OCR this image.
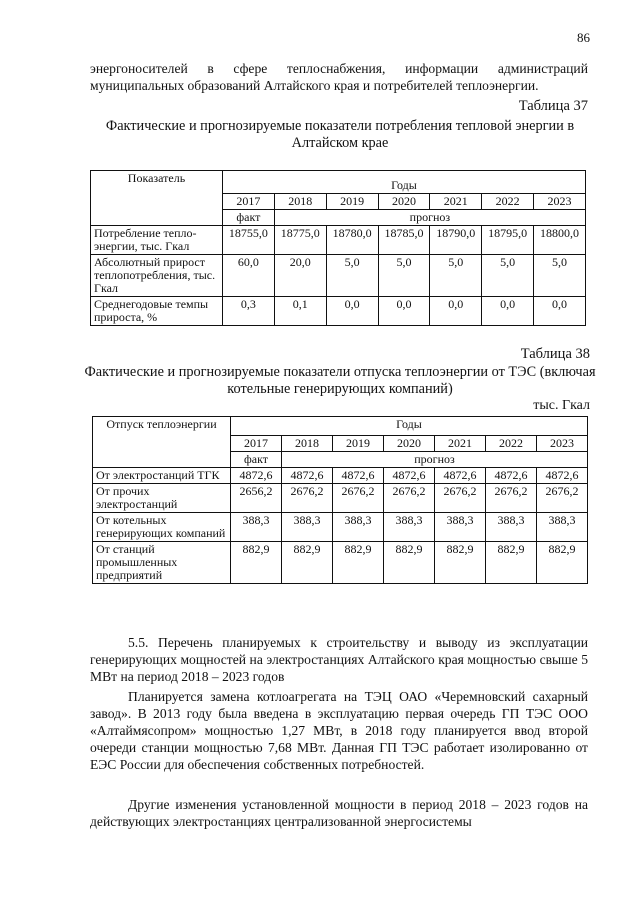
86
энергоносителей в сфере теплоснабжения, информации администраций муниципальных образований Алтайского края и потребителей теплоэнергии.
Таблица 37
Фактические и прогнозируемые показатели потребления тепловой энергии в Алтайском крае
Показатель	Годы						
	2017	2018	2019	2020	2021	2022	2023
	факт	прогноз					
Потребление тепло-энергии, тыс. Гкал	18755,0	18775,0	18780,0	18785,0	18790,0	18795,0	18800,0
Абсолютный прирост теплопотребления, тыс. Гкал	60,0	20,0	5,0	5,0	5,0	5,0	5,0
Среднегодовые темпы прироста, %	0,3	0,1	0,0	0,0	0,0	0,0	0,0
Таблица 38
Фактические и прогнозируемые показатели отпуска теплоэнергии от ТЭС (включая котельные генерирующих компаний)
тыс. Гкал
Отпуск теплоэнергии	Годы						
	2017	2018	2019	2020	2021	2022	2023
	факт	прогноз					
От электростанций ТГК	4872,6	4872,6	4872,6	4872,6	4872,6	4872,6	4872,6
От прочих электростанций	2656,2	2676,2	2676,2	2676,2	2676,2	2676,2	2676,2
От котельных генерирующих компаний	388,3	388,3	388,3	388,3	388,3	388,3	388,3
От станций промышленных предприятий	882,9	882,9	882,9	882,9	882,9	882,9	882,9
5.5. Перечень планируемых к строительству и выводу из эксплуатации генерирующих мощностей на электростанциях Алтайского края мощностью свыше 5 МВт на период 2018 – 2023 годов
Планируется замена котлоагрегата на ТЭЦ ОАО «Черемновский сахарный завод». В 2013 году была введена в эксплуатацию первая очередь ГП ТЭС ООО «Алтаймясопром» мощностью 1,27 МВт, в 2018 году планируется ввод второй очереди станции мощностью 7,68 МВт. Данная ГП ТЭС работает изолированно от ЕЭС России для обеспечения собственных потребностей.
Другие изменения установленной мощности в период 2018 – 2023 годов на действующих электростанциях централизованной энергосистемы
